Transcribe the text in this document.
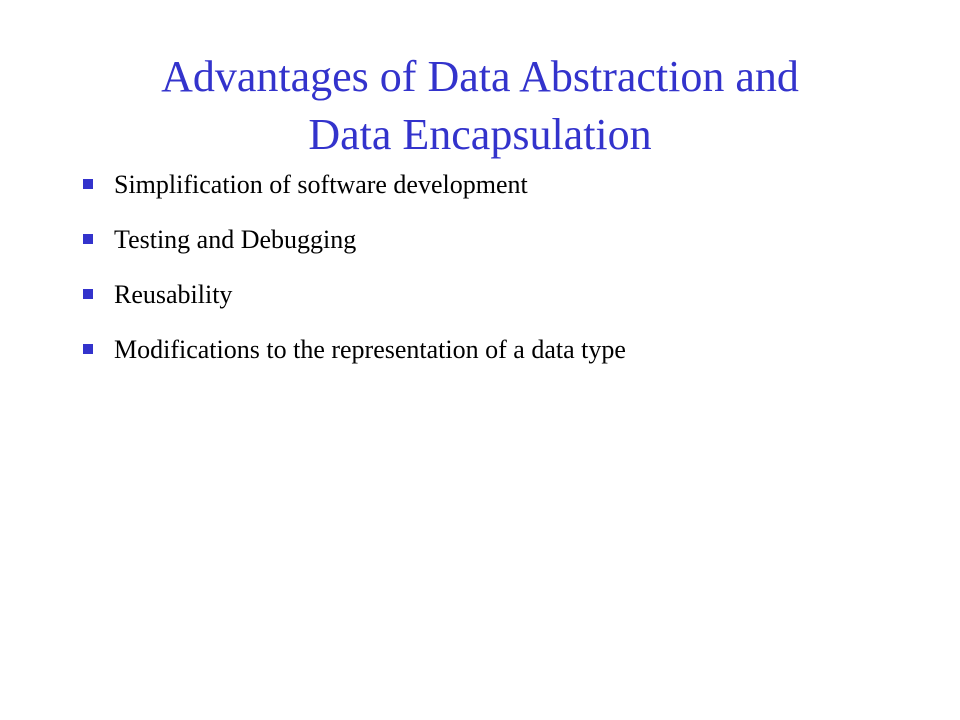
Advantages of Data Abstraction and
Data Encapsulation
Simplification of software development
Testing and Debugging
Reusability
Modifications to the representation of a data type
